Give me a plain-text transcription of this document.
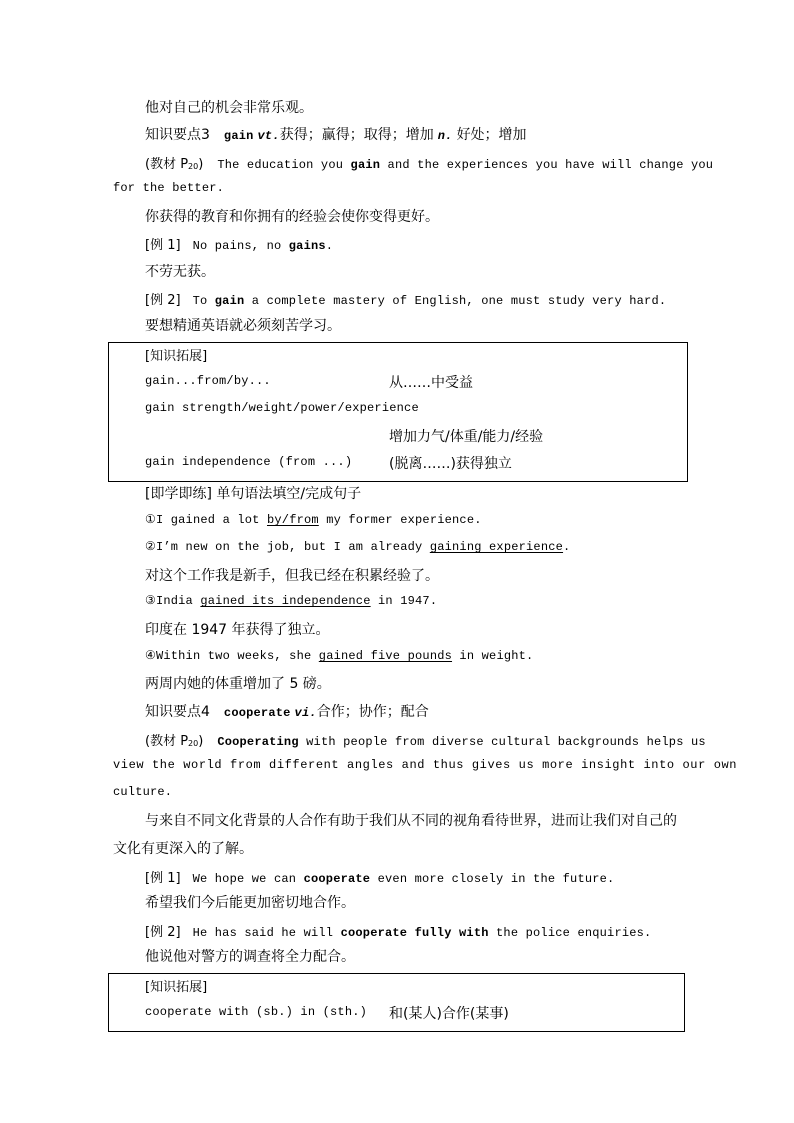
他对自己的机会非常乐观。
知识要点3 gain vt.获得；赢得；取得；增加 n. 好处；增加
(教材 $P_{20}$) The education you gain and the experiences you have will change you
for the better.
你获得的教育和你拥有的经验会使你变得更好。
[例 1] No pains, no gains.
不劳无获。
[例 2] To gain a complete mastery of English, one must study very hard.
要想精通英语就必须刻苦学习。
[知识拓展]
gain...from/by...	从……中受益
gain strength/weight/power/experience
增加力气/体重/能力/经验
gain independence (from ...)	(脱离……)获得独立
[即学即练] 单句语法填空/完成句子
①I gained a lot by/from my former experience.
②I’m new on the job, but I am already gaining experience.
对这个工作我是新手，但我已经在积累经验了。
③India gained its independence in 1947.
印度在 1947 年获得了独立。
④Within two weeks, she gained five pounds in weight.
两周内她的体重增加了 5 磅。
知识要点4 cooperate vi.合作；协作；配合
(教材 $P_{20}$) Cooperating with people from diverse cultural backgrounds helps us
view the world from different angles and thus gives us more insight into our own
culture.
与来自不同文化背景的人合作有助于我们从不同的视角看待世界，进而让我们对自己的
文化有更深入的了解。
[例 1] We hope we can cooperate even more closely in the future.
希望我们今后能更加密切地合作。
[例 2] He has said he will cooperate fully with the police enquiries.
他说他对警方的调查将全力配合。
[知识拓展]
cooperate with (sb.) in (sth.) 和(某人)合作(某事)
